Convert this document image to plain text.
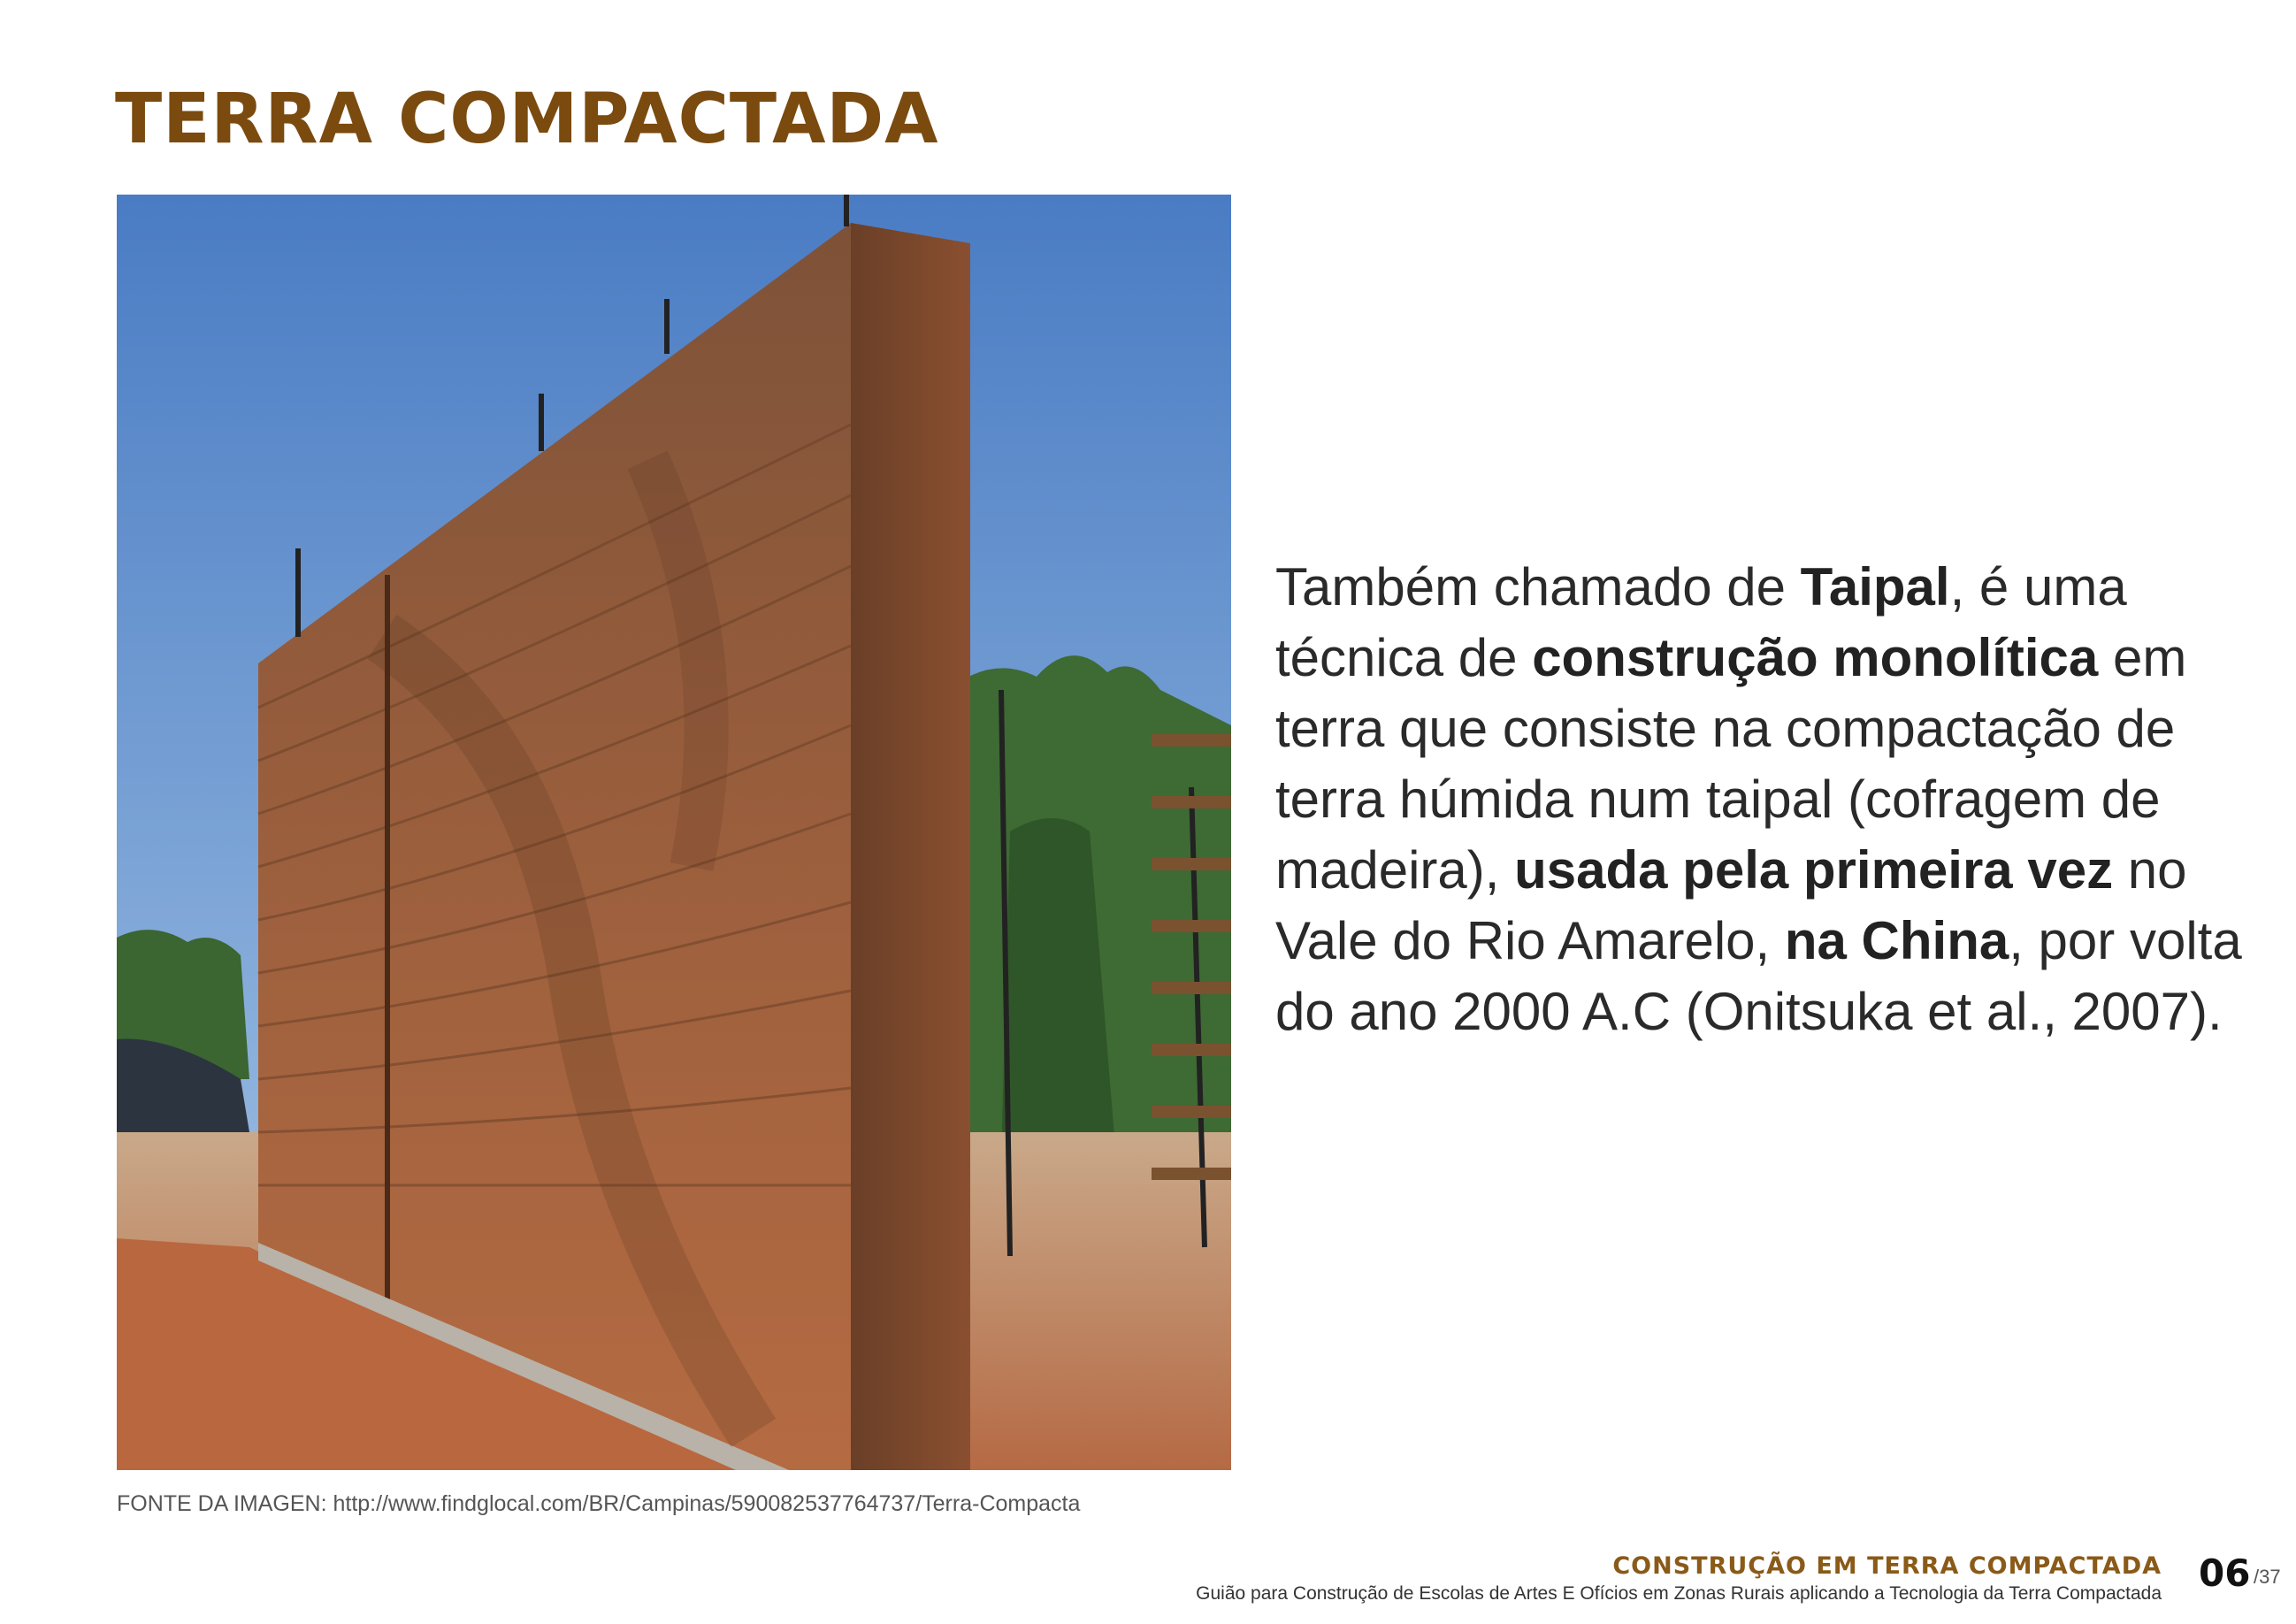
TERRA COMPACTADA
FONTE DA IMAGEN: http://www.findglocal.com/BR/Campinas/590082537764737/Terra-Compacta

Também chamado de Taipal, é uma técnica de construção monolítica em terra que consiste na compactação de terra húmida num taipal (cofragem de madeira), usada pela primeira vez no Vale do Rio Amarelo, na China, por volta do ano 2000 A.C (Onitsuka et al., 2007).

CONSTRUÇÃO EM TERRA COMPACTADA
Guião para Construção de Escolas de Artes E Ofícios em Zonas Rurais aplicando a Tecnologia da Terra Compactada 06 /37
